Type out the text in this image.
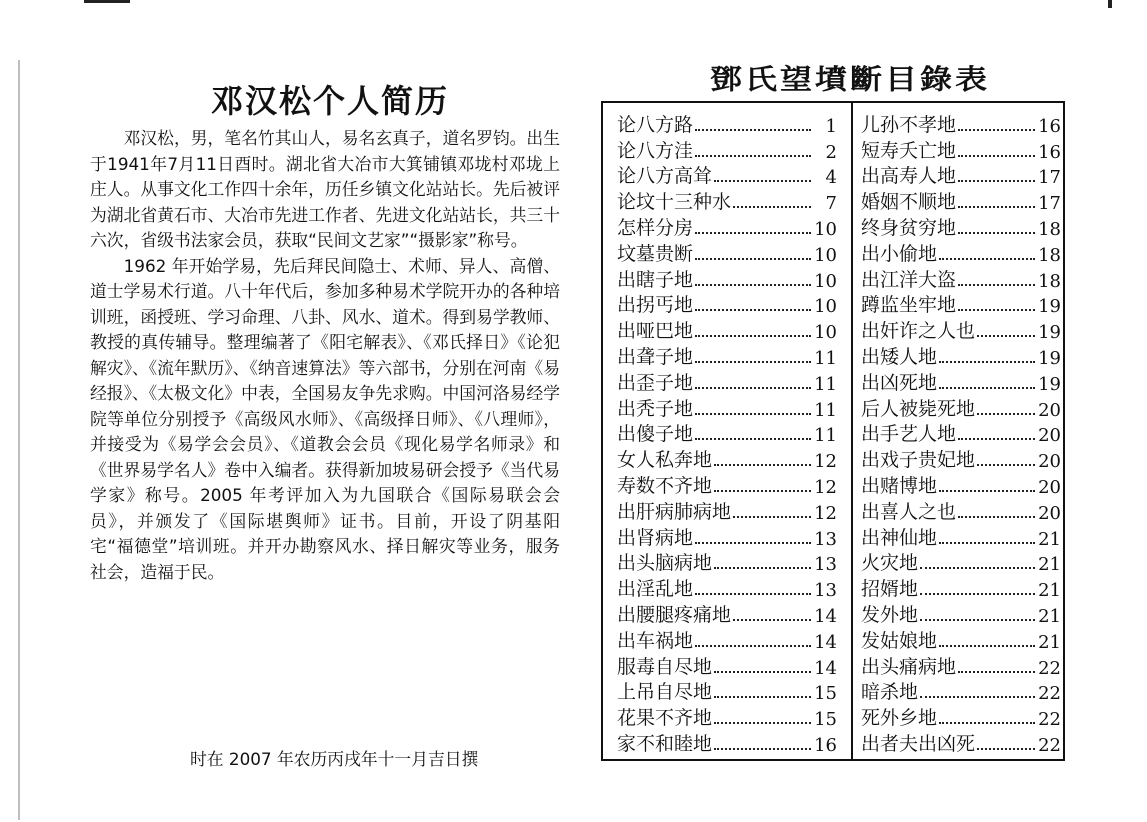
邓汉松个人简历

邓汉松，男，笔名竹其山人，易名玄真子，道名罗钧。出生于1941年7月11日酉时。湖北省大冶市大箕铺镇邓垅村邓垅上庄人。从事文化工作四十余年，历任乡镇文化站站长。先后被评为湖北省黄石市、大冶市先进工作者、先进文化站站长，共三十六次，省级书法家会员，获取“民间文艺家”“摄影家”称号。

1962 年开始学易，先后拜民间隐士、术师、异人、高僧、道士学易术行道。八十年代后，参加多种易术学院开办的各种培训班，函授班、学习命理、八卦、风水、道术。得到易学教师、教授的真传辅导。整理编著了《阳宅解表》、《邓氏择日》《论犯解灾》、《流年默历》、《纳音速算法》等六部书，分别在河南《易经报》、《太极文化》中表，全国易友争先求购。中国河洛易经学院等单位分别授予《高级风水师》、《高级择日师》、《八理师》，并接受为《易学会会员》、《道教会会员《现化易学名师录》和《世界易学名人》卷中入编者。获得新加坡易研会授予《当代易学家》称号。2005 年考评加入为九国联合《国际易联会会员》，并颁发了《国际堪舆师》证书。目前，开设了阴基阳宅“福德堂”培训班。并开办勘察风水、择日解灾等业务，服务社会，造福于民。

时在 2007 年农历丙戌年十一月吉日撰
鄧氏望墳斷目錄表
论八方路	1
论八方洼	2
论八方高耸	4
论坟十三种水	7
怎样分房	10
坟墓贵断	10
出瞎子地	10
出拐丐地	10
出哑巴地	10
出聋子地	11
出歪子地	11
出秃子地	11
出傻子地	11
女人私奔地	12
寿数不齐地	12
出肝病肺病地	12
出肾病地	13
出头脑病地	13
出淫乱地	13
出腰腿疼痛地	14
出车祸地	14
服毒自尽地	14
上吊自尽地	15
花果不齐地	15
家不和睦地	16
儿孙不孝地	16
短寿夭亡地	16
出高寿人地	17
婚姻不顺地	17
终身贫穷地	18
出小偷地	18
出江洋大盗	18
蹲监坐牢地	19
出奸诈之人也	19
出矮人地	19
出凶死地	19
后人被毙死地	20
出手艺人地	20
出戏子贵妃地	20
出赌博地	20
出喜人之也	20
出神仙地	21
火灾地	21
招婿地	21
发外地	21
发姑娘地	21
出头痛病地	22
暗杀地	22
死外乡地	22
出者夫出凶死	22
